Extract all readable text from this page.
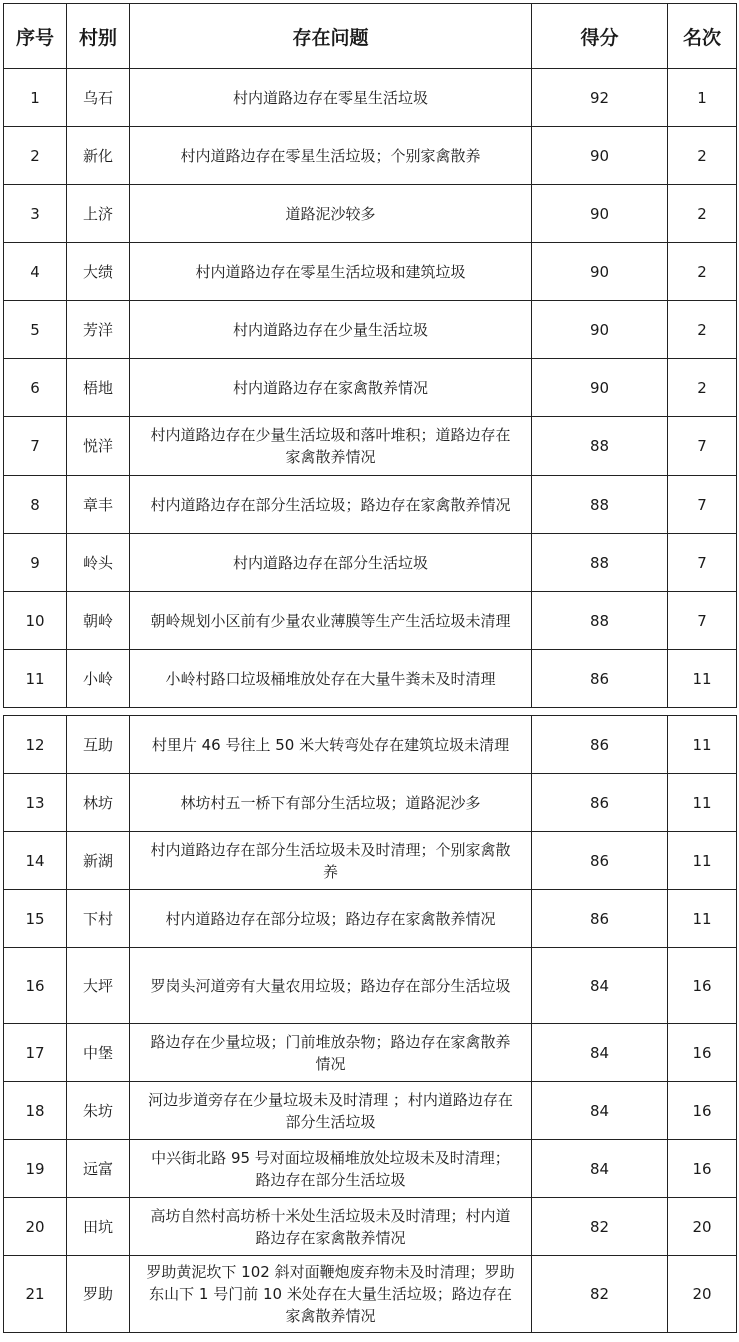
序号	村别	存在问题	得分	名次
1	乌石	村内道路边存在零星生活垃圾	92	1
2	新化	村内道路边存在零星生活垃圾；个别家禽散养	90	2
3	上济	道路泥沙较多	90	2
4	大绩	村内道路边存在零星生活垃圾和建筑垃圾	90	2
5	芳洋	村内道路边存在少量生活垃圾	90	2
6	梧地	村内道路边存在家禽散养情况	90	2
7	悦洋	村内道路边存在少量生活垃圾和落叶堆积；道路边存在家禽散养情况	88	7
8	章丰	村内道路边存在部分生活垃圾；路边存在家禽散养情况	88	7
9	岭头	村内道路边存在部分生活垃圾	88	7
10	朝岭	朝岭规划小区前有少量农业薄膜等生产生活垃圾未清理	88	7
11	小岭	小岭村路口垃圾桶堆放处存在大量牛粪未及时清理	86	11
12	互助	村里片 46 号往上 50 米大转弯处存在建筑垃圾未清理	86	11
13	林坊	林坊村五一桥下有部分生活垃圾；道路泥沙多	86	11
14	新湖	村内道路边存在部分生活垃圾未及时清理；个别家禽散养	86	11
15	下村	村内道路边存在部分垃圾；路边存在家禽散养情况	86	11
16	大坪	罗岗头河道旁有大量农用垃圾；路边存在部分生活垃圾	84	16
17	中堡	路边存在少量垃圾；门前堆放杂物；路边存在家禽散养情况	84	16
18	朱坊	河边步道旁存在少量垃圾未及时清理 ；村内道路边存在部分生活垃圾	84	16
19	远富	中兴街北路 95 号对面垃圾桶堆放处垃圾未及时清理；路边存在部分生活垃圾	84	16
20	田坑	高坊自然村高坊桥十米处生活垃圾未及时清理；村内道路边存在家禽散养情况	82	20
21	罗助	罗助黄泥坎下 102 斜对面鞭炮废弃物未及时清理；罗助东山下 1 号门前 10 米处存在大量生活垃圾；路边存在家禽散养情况	82	20
